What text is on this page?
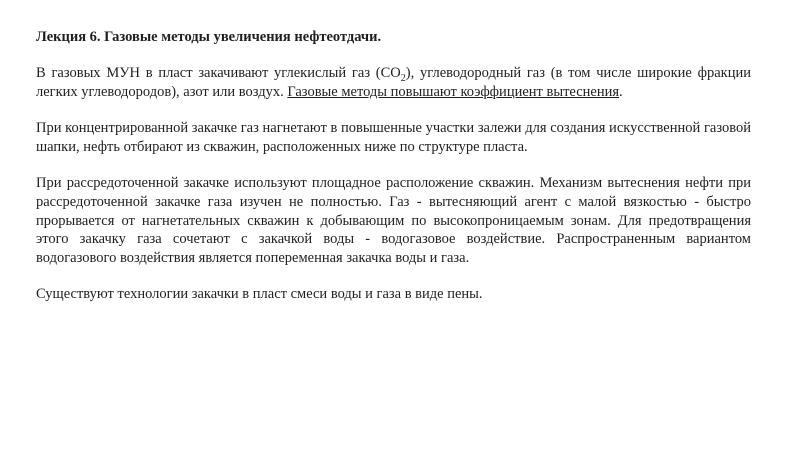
Лекция 6. Газовые методы увеличения нефтеотдачи.

В газовых МУН в пласт закачивают углекислый газ $(СО_2)$, углеводородный газ (в том числе широкие фракции легких углеводородов), азот или воздух. Газовые методы повышают коэффициент вытеснения.

При концентрированной закачке газ нагнетают в повышенные участки залежи для создания искусственной газовой шапки, нефть отбирают из скважин, расположенных ниже по структуре пласта.

При рассредоточенной закачке используют площадное расположение скважин. Механизм вытеснения нефти при рассредоточенной закачке газа изучен не полностью. Газ - вытесняющий агент с малой вязкостью - быстро прорывается от нагнетательных скважин к добывающим по высокопроницаемым зонам. Для предотвращения этого закачку газа сочетают с закачкой воды - водогазовое воздействие. Распространенным вариантом водогазового воздействия является попеременная закачка воды и газа.

Существуют технологии закачки в пласт смеси воды и газа в виде пены.
